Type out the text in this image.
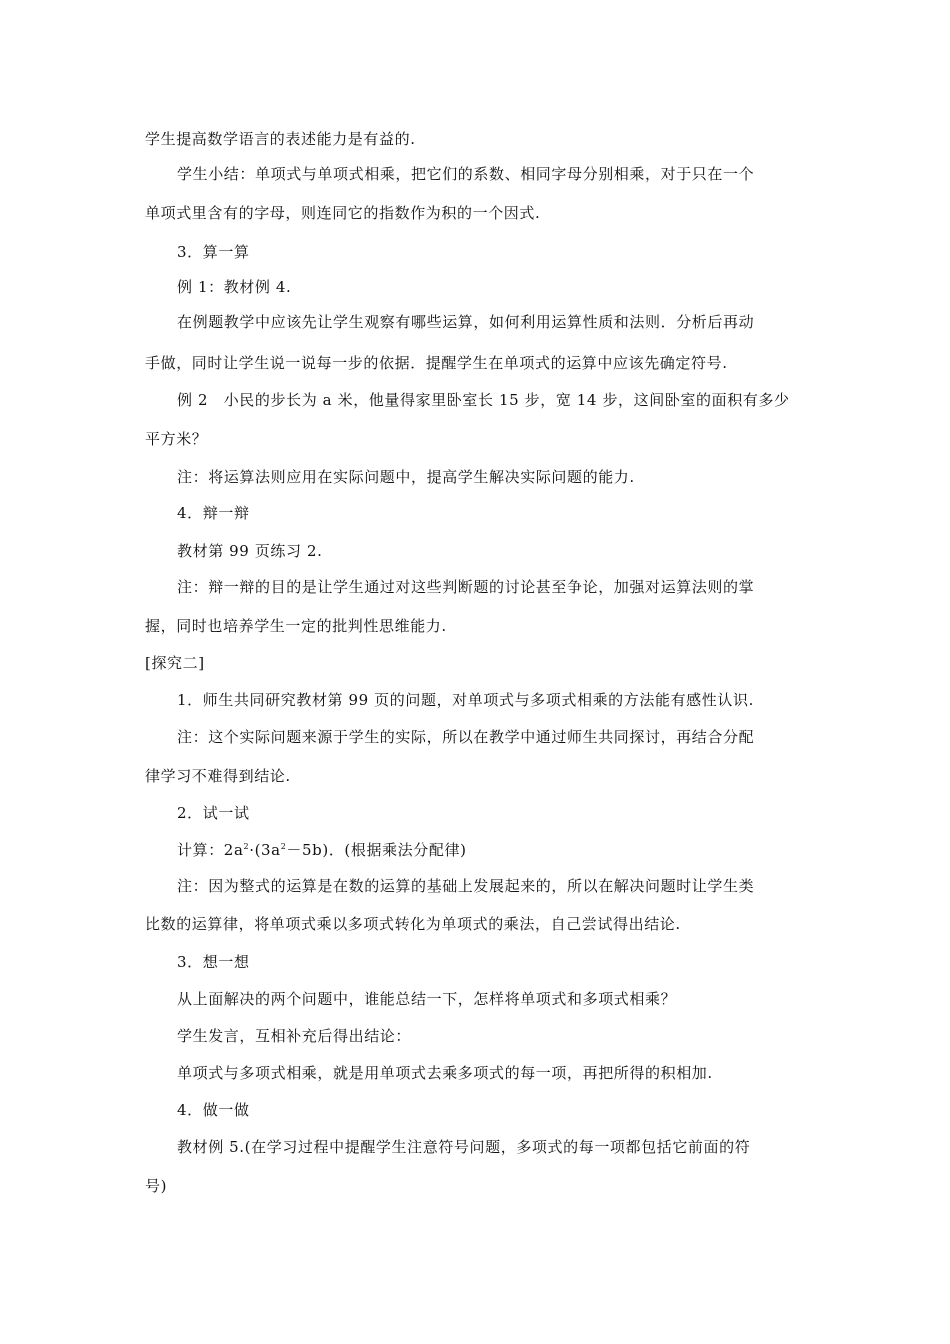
学生提高数学语言的表述能力是有益的.
学生小结：单项式与单项式相乘，把它们的系数、相同字母分别相乘，对于只在一个
单项式里含有的字母，则连同它的指数作为积的一个因式.
3．算一算
例 1：教材例 4.
在例题教学中应该先让学生观察有哪些运算，如何利用运算性质和法则．分析后再动
手做，同时让学生说一说每一步的依据．提醒学生在单项式的运算中应该先确定符号.
例 2　小民的步长为 a 米，他量得家里卧室长 15 步，宽 14 步，这间卧室的面积有多少
平方米？
注：将运算法则应用在实际问题中，提高学生解决实际问题的能力.
4．辩一辩
教材第 99 页练习 2.
注：辩一辩的目的是让学生通过对这些判断题的讨论甚至争论，加强对运算法则的掌
握，同时也培养学生一定的批判性思维能力.
[探究二]
1．师生共同研究教材第 99 页的问题，对单项式与多项式相乘的方法能有感性认识.
注：这个实际问题来源于学生的实际，所以在教学中通过师生共同探讨，再结合分配
律学习不难得到结论.
2．试一试
计算：$2a^2\cdot(3a^2-5b)$．(根据乘法分配律)
注：因为整式的运算是在数的运算的基础上发展起来的，所以在解决问题时让学生类
比数的运算律，将单项式乘以多项式转化为单项式的乘法，自己尝试得出结论.
3．想一想
从上面解决的两个问题中，谁能总结一下，怎样将单项式和多项式相乘？
学生发言，互相补充后得出结论：
单项式与多项式相乘，就是用单项式去乘多项式的每一项，再把所得的积相加.
4．做一做
教材例 5.(在学习过程中提醒学生注意符号问题，多项式的每一项都包括它前面的符
号)
